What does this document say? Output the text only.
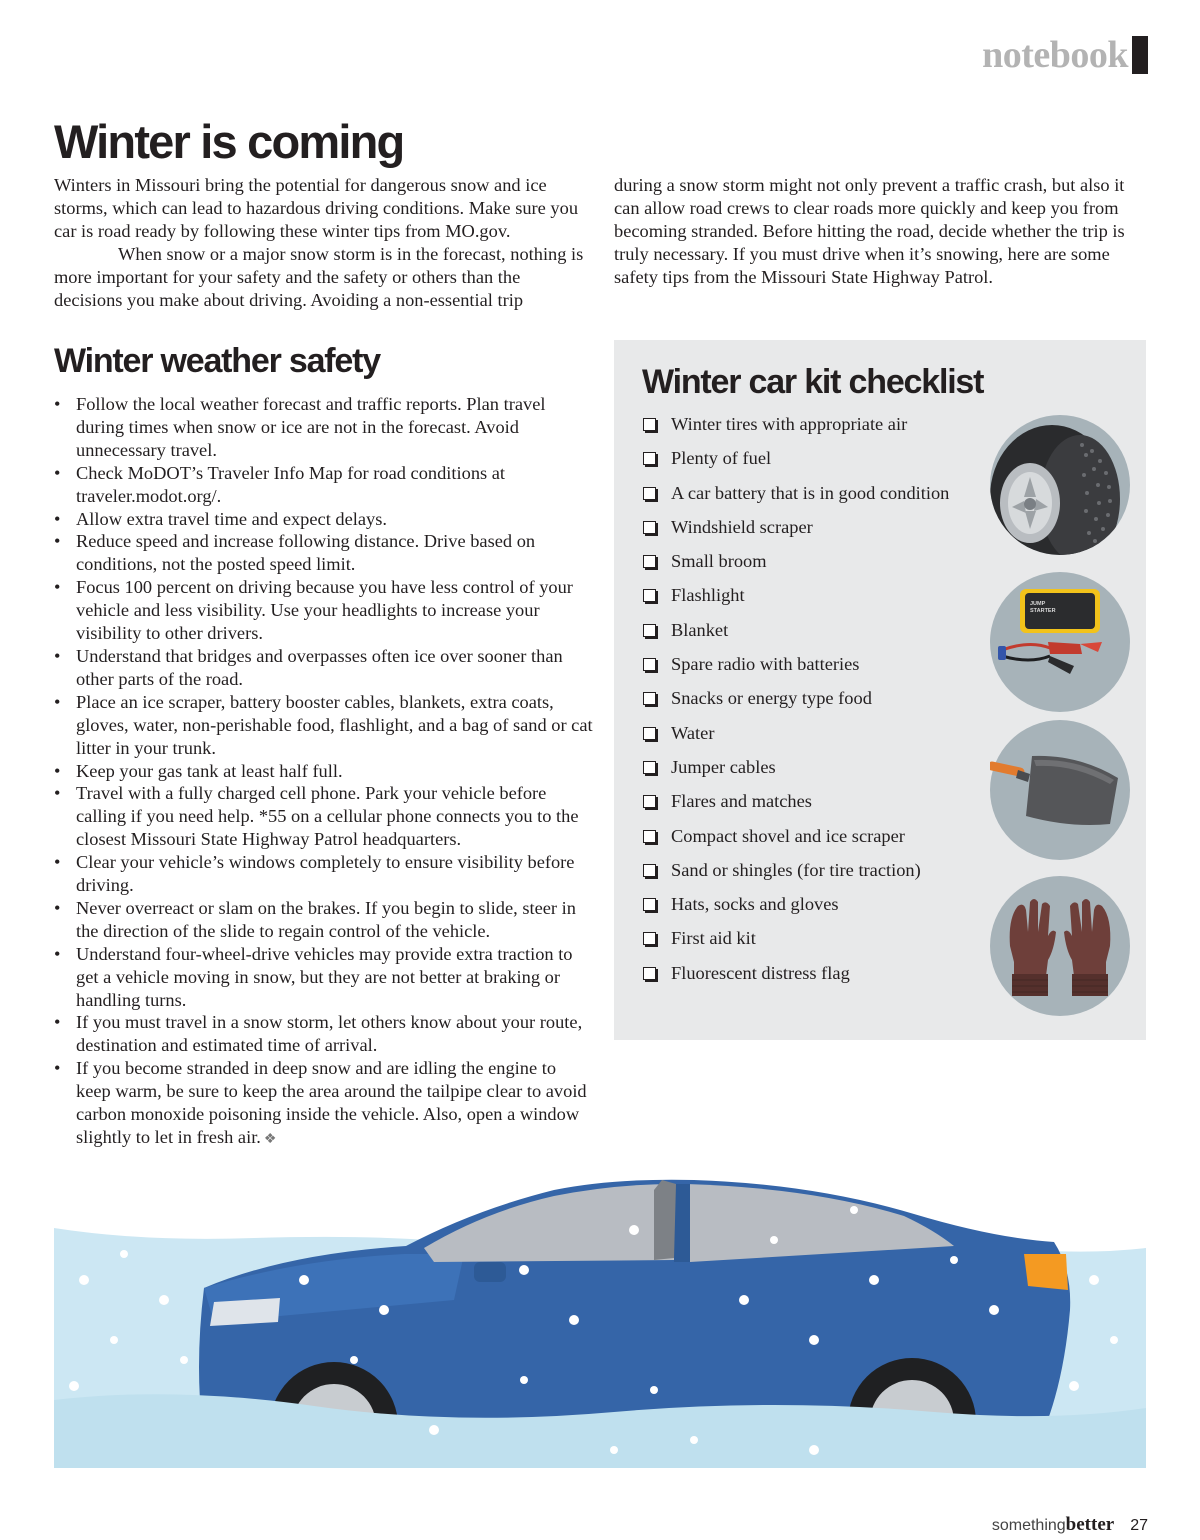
notebook
Winter is coming

Winters in Missouri bring the potential for dangerous snow and ice storms, which can lead to hazardous driving conditions. Make sure you car is road ready by following these winter tips from MO.gov.

When snow or a major snow storm is in the forecast, nothing is more important for your safety and the safety or others than the decisions you make about driving. Avoiding a non-essential trip

during a snow storm might not only prevent a traffic crash, but also it can allow road crews to clear roads more quickly and keep you from becoming stranded. Before hitting the road, decide whether the trip is truly necessary. If you must drive when it’s snowing, here are some safety tips from the Missouri State Highway Patrol.

Winter weather safety
• Follow the local weather forecast and traffic reports. Plan travel during times when snow or ice are not in the forecast. Avoid unnecessary travel.
• Check MoDOT’s Traveler Info Map for road conditions at traveler.modot.org/.
• Allow extra travel time and expect delays.
• Reduce speed and increase following distance. Drive based on conditions, not the posted speed limit.
• Focus 100 percent on driving because you have less control of your vehicle and less visibility. Use your headlights to increase your visibility to other drivers.
• Understand that bridges and overpasses often ice over sooner than other parts of the road.
• Place an ice scraper, battery booster cables, blankets, extra coats, gloves, water, non-perishable food, flashlight, and a bag of sand or cat litter in your trunk.
• Keep your gas tank at least half full.
• Travel with a fully charged cell phone. Park your vehicle before calling if you need help. *55 on a cellular phone connects you to the closest Missouri State Highway Patrol headquarters.
• Clear your vehicle’s windows completely to ensure visibility before driving.
• Never overreact or slam on the brakes. If you begin to slide, steer in the direction of the slide to regain control of the vehicle.
• Understand four-wheel-drive vehicles may provide extra traction to get a vehicle moving in snow, but they are not better at braking or handling turns.
• If you must travel in a snow storm, let others know about your route, destination and estimated time of arrival.
• If you become stranded in deep snow and are idling the engine to keep warm, be sure to keep the area around the tailpipe clear to avoid carbon monoxide poisoning inside the vehicle. Also, open a window slightly to let in fresh air. ❖
Winter car kit checklist
Winter tires with appropriate air
Plenty of fuel
A car battery that is in good condition
Windshield scraper
Small broom
Flashlight
Blanket
Spare radio with batteries
Snacks or energy type food
Water
Jumper cables
Flares and matches
Compact shovel and ice scraper
Sand or shingles (for tire traction)
Hats, socks and gloves
First aid kit
Fluorescent distress flag
JUMP
STARTER
something better 27
